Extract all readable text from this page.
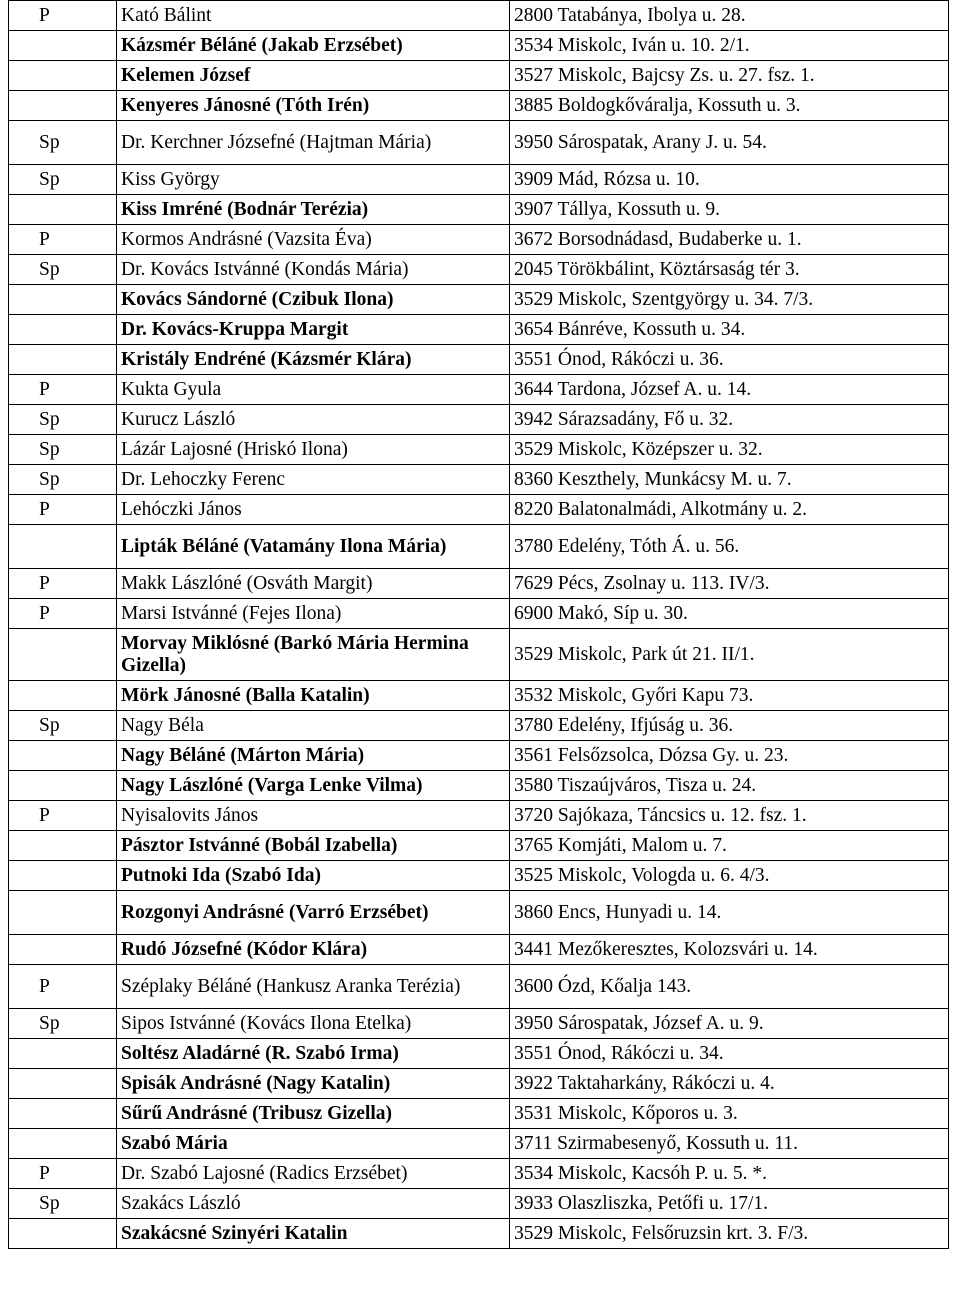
P	Kató Bálint	2800 Tatabánya, Ibolya u. 28.
	Kázsmér Béláné (Jakab Erzsébet)	3534 Miskolc, Iván u. 10. 2/1.
	Kelemen József	3527 Miskolc, Bajcsy Zs. u. 27. fsz. 1.
	Kenyeres Jánosné (Tóth Irén)	3885 Boldogkőváralja, Kossuth u. 3.
Sp	Dr. Kerchner Józsefné (Hajtman Mária)	3950 Sárospatak, Arany J. u. 54.
Sp	Kiss György	3909 Mád, Rózsa u. 10.
	Kiss Imréné (Bodnár Terézia)	3907 Tállya, Kossuth u. 9.
P	Kormos Andrásné (Vazsita Éva)	3672 Borsodnádasd, Budaberke u. 1.
Sp	Dr. Kovács Istvánné (Kondás Mária)	2045 Törökbálint, Köztársaság tér 3.
	Kovács Sándorné (Czibuk Ilona)	3529 Miskolc, Szentgyörgy u. 34. 7/3.
	Dr. Kovács-Kruppa Margit	3654 Bánréve, Kossuth u. 34.
	Kristály Endréné (Kázsmér Klára)	3551 Ónod, Rákóczi u. 36.
P	Kukta Gyula	3644 Tardona, József A. u. 14.
Sp	Kurucz László	3942 Sárazsadány, Fő u. 32.
Sp	Lázár Lajosné (Hriskó Ilona)	3529 Miskolc, Középszer u. 32.
Sp	Dr. Lehoczky Ferenc	8360 Keszthely, Munkácsy M. u. 7.
P	Lehóczki János	8220 Balatonalmádi, Alkotmány u. 2.
	Lipták Béláné (Vatamány Ilona Mária)	3780 Edelény, Tóth Á. u. 56.
P	Makk Lászlóné (Osváth Margit)	7629 Pécs, Zsolnay u. 113. IV/3.
P	Marsi Istvánné (Fejes Ilona)	6900 Makó, Síp u. 30.
	Morvay Miklósné (Barkó Mária Hermina Gizella)	3529 Miskolc, Park út 21. II/1.
	Mörk Jánosné (Balla Katalin)	3532 Miskolc, Győri Kapu 73.
Sp	Nagy Béla	3780 Edelény, Ifjúság u. 36.
	Nagy Béláné (Márton Mária)	3561 Felsőzsolca, Dózsa Gy. u. 23.
	Nagy Lászlóné (Varga Lenke Vilma)	3580 Tiszaújváros, Tisza u. 24.
P	Nyisalovits János	3720 Sajókaza, Táncsics u. 12. fsz. 1.
	Pásztor Istvánné (Bobál Izabella)	3765 Komjáti, Malom u. 7.
	Putnoki Ida (Szabó Ida)	3525 Miskolc, Vologda u. 6. 4/3.
	Rozgonyi Andrásné (Varró Erzsébet)	3860 Encs, Hunyadi u. 14.
	Rudó Józsefné (Kódor Klára)	3441 Mezőkeresztes, Kolozsvári u. 14.
P	Széplaky Béláné (Hankusz Aranka Terézia)	3600 Ózd, Kőalja 143.
Sp	Sipos Istvánné (Kovács Ilona Etelka)	3950 Sárospatak, József A. u. 9.
	Soltész Aladárné (R. Szabó Irma)	3551 Ónod, Rákóczi u. 34.
	Spisák Andrásné (Nagy Katalin)	3922 Taktaharkány, Rákóczi u. 4.
	Sűrű Andrásné (Tribusz Gizella)	3531 Miskolc, Kőporos u. 3.
	Szabó Mária	3711 Szirmabesenyő, Kossuth u. 11.
P	Dr. Szabó Lajosné (Radics Erzsébet)	3534 Miskolc, Kacsóh P. u. 5. *.
Sp	Szakács László	3933 Olaszliszka, Petőfi u. 17/1.
	Szakácsné Szinyéri Katalin	3529 Miskolc, Felsőruzsin krt. 3. F/3.
